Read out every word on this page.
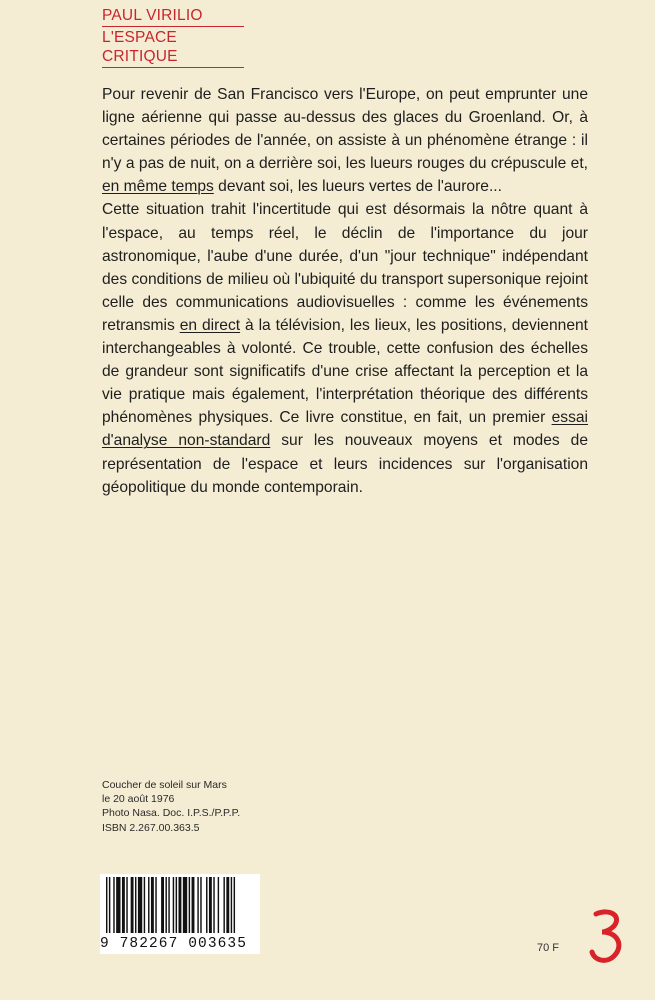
PAUL VIRILIO
L'ESPACE CRITIQUE

Pour revenir de San Francisco vers l'Europe, on peut emprunter une ligne aérienne qui passe au-dessus des glaces du Groenland. Or, à certaines périodes de l'année, on assiste à un phénomène étrange : il n'y a pas de nuit, on a derrière soi, les lueurs rouges du crépuscule et, en même temps devant soi, les lueurs vertes de l'aurore...

Cette situation trahit l'incertitude qui est désormais la nôtre quant à l'espace, au temps réel, le déclin de l'importance du jour astronomique, l'aube d'une durée, d'un "jour technique" indépendant des conditions de milieu où l'ubiquité du transport supersonique rejoint celle des communications audiovisuelles : comme les événements retransmis en direct à la télévision, les lieux, les positions, deviennent interchangeables à volonté. Ce trouble, cette confusion des échelles de grandeur sont significatifs d'une crise affectant la perception et la vie pratique mais également, l'interprétation théorique des différents phénomènes physiques. Ce livre constitue, en fait, un premier essai d'analyse non-standard sur les nouveaux moyens et modes de représentation de l'espace et leurs incidences sur l'organisation géopolitique du monde contemporain.

Coucher de soleil sur Mars
le 20 août 1976
Photo Nasa. Doc. I.P.S./P.P.P.
ISBN 2.267.00.363.5
9 782267 003635	70 F
